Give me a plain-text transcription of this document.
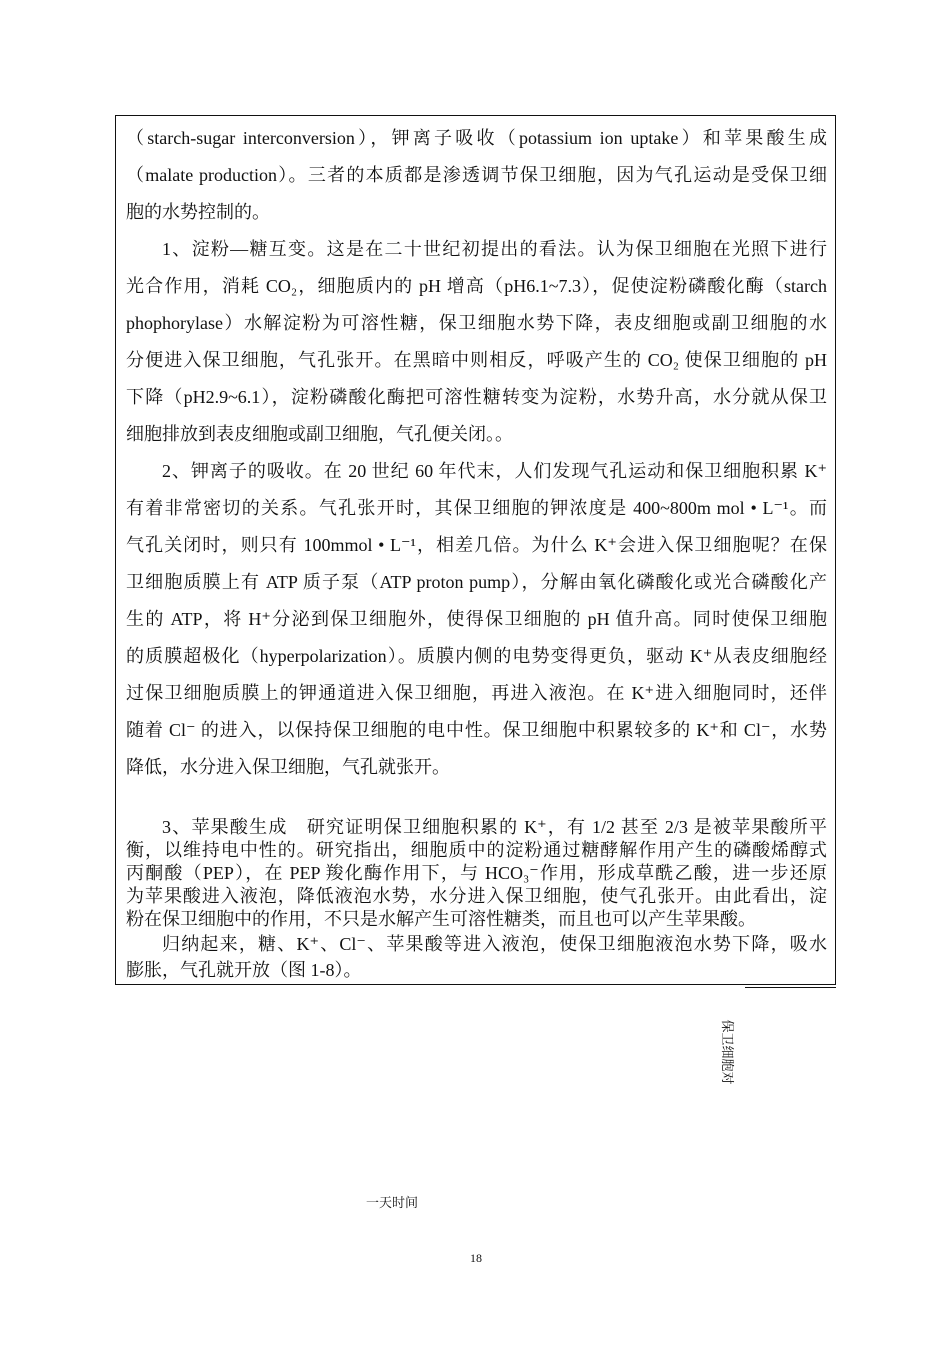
（starch-sugar interconversion），钾离子吸收（potassium ion uptake）和苹果酸生成
（malate production）。三者的本质都是渗透调节保卫细胞，因为气孔运动是受保卫细
胞的水势控制的。
1、淀粉—糖互变。这是在二十世纪初提出的看法。认为保卫细胞在光照下进行
光合作用，消耗 CO₂，细胞质内的 pH 增高（pH6.1~7.3），促使淀粉磷酸化酶（starch
phophorylase）水解淀粉为可溶性糖，保卫细胞水势下降，表皮细胞或副卫细胞的水
分便进入保卫细胞，气孔张开。在黑暗中则相反，呼吸产生的 CO₂ 使保卫细胞的 pH
下降（pH2.9~6.1），淀粉磷酸化酶把可溶性糖转变为淀粉，水势升高，水分就从保卫
细胞排放到表皮细胞或副卫细胞，气孔便关闭。。
2、钾离子的吸收。在 20 世纪 60 年代末，人们发现气孔运动和保卫细胞积累 K⁺
有着非常密切的关系。气孔张开时，其保卫细胞的钾浓度是 400~800m mol • L⁻¹。而
气孔关闭时，则只有 100mmol • L⁻¹，相差几倍。为什么 K⁺会进入保卫细胞呢？在保
卫细胞质膜上有 ATP 质子泵（ATP proton pump），分解由氧化磷酸化或光合磷酸化产
生的 ATP，将 H⁺分泌到保卫细胞外，使得保卫细胞的 pH 值升高。同时使保卫细胞
的质膜超极化（hyperpolarization）。质膜内侧的电势变得更负，驱动 K⁺从表皮细胞经
过保卫细胞质膜上的钾通道进入保卫细胞，再进入液泡。在 K⁺进入细胞同时，还伴
随着 Cl⁻ 的进入，以保持保卫细胞的电中性。保卫细胞中积累较多的 K⁺和 Cl⁻，水势
降低，水分进入保卫细胞，气孔就张开。
3、苹果酸生成　研究证明保卫细胞积累的 K⁺，有 1/2 甚至 2/3 是被苹果酸所平
衡，以维持电中性的。研究指出，细胞质中的淀粉通过糖酵解作用产生的磷酸烯醇式
丙酮酸（PEP），在 PEP 羧化酶作用下，与 HCO₃⁻作用，形成草酰乙酸，进一步还原
为苹果酸进入液泡，降低液泡水势，水分进入保卫细胞，使气孔张开。由此看出，淀
粉在保卫细胞中的作用，不只是水解产生可溶性糖类，而且也可以产生苹果酸。
归纳起来，糖、K⁺、Cl⁻、苹果酸等进入液泡，使保卫细胞液泡水势下降，吸水
膨胀，气孔就开放（图 1-8）。
保卫细胞对
一天时间
18
